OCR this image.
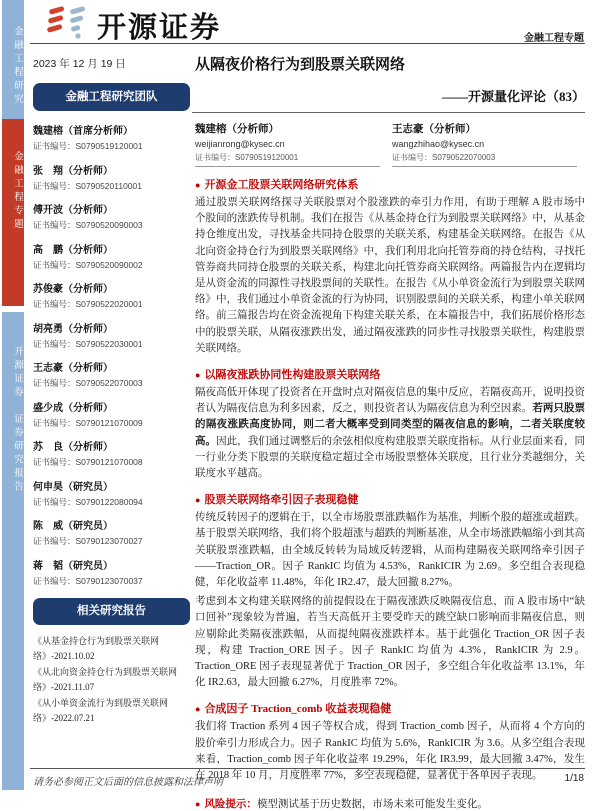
金融工程研究
金融工程专题
开源证券　证券研究报告
开源证券	金融工程专题
2023 年 12 月 19 日
金融工程研究团队
从隔夜价格行为到股票关联网络
——开源量化评论（83）
魏建榕（首席分析师）
证书编号：S0790519120001
张　翔（分析师）
证书编号：S0790520110001
傅开波（分析师）
证书编号：S0790520090003
高　鹏（分析师）
证书编号：S0790520090002
苏俊豪（分析师）
证书编号：S0790522020001
胡亮勇（分析师）
证书编号：S0790522030001
王志豪（分析师）
证书编号：S0790522070003
盛少成（分析师）
证书编号：S0790121070009
苏　良（分析师）
证书编号：S0790121070008
何申昊（研究员）
证书编号：S0790122080094
陈　威（研究员）
证书编号：S0790123070027
蒋　韬（研究员）
证书编号：S0790123070037
相关研究报告
《从基金持仓行为到股票关联网络》-2021.10.02
《从北向资金持仓行为到股票关联网络》-2021.11.07
《从小单资金流行为到股票关联网络》-2022.07.21
魏建榕（分析师）
weijianrong@kysec.cn
证书编号：S0790519120001
王志豪（分析师）
wangzhihao@kysec.cn
证书编号：S0790522070003
● 开源金工股票关联网络研究体系
通过股票关联网络探寻关联股票对个股涨跌的牵引力作用，有助于理解 A 股市场中个股间的涨跌传导机制。我们在报告《从基金持仓行为到股票关联网络》中，从基金持仓维度出发，寻找基金共同持仓股票的关联关系，构建基金关联网络。在报告《从北向资金持仓行为到股票关联网络》中，我们利用北向托管券商的持仓结构，寻找托管券商共同持仓股票的关联关系，构建北向托管券商关联网络。两篇报告内在逻辑均是从资金流的同源性寻找股票间的关联性。在报告《从小单资金流行为到股票关联网络》中，我们通过小单资金流的行为协同，识别股票间的关联关系，构建小单关联网络。前三篇报告均在资金流视角下构建关联关系，在本篇报告中，我们拓展价格形态中的股票关联，从隔夜涨跌出发，通过隔夜涨跌的同步性寻找股票关联性，构建股票关联网络。
● 以隔夜涨跌协同性构建股票关联网络
隔夜高低开体现了投资者在开盘时点对隔夜信息的集中反应，若隔夜高开，说明投资者认为隔夜信息为利多因素，反之，则投资者认为隔夜信息为利空因素。若两只股票的隔夜涨跌高度协同，则二者大概率受到同类型的隔夜信息的影响，二者关联度较高。因此，我们通过调整后的余弦相似度构建股票关联度指标。从行业层面来看，同一行业分类下股票的关联度稳定超过全市场股票整体关联度，且行业分类越细分，关联度水平越高。
● 股票关联网络牵引因子表现稳健
传统反转因子的逻辑在于，以全市场股票涨跌幅作为基准，判断个股的超涨或超跌。基于股票关联网络，我们将个股超涨与超跌的判断基准，从全市场涨跌幅缩小到其高关联股票涨跌幅，由全域反转转为局域反转逻辑，从而构建隔夜关联网络牵引因子——Traction_OR。因子 RankIC 均值为 4.53%，RankICIR 为 2.69。多空组合表现稳健，年化收益率 11.48%，年化 IR2.47，最大回撤 8.27%。
考虑到本文构建关联网络的前提假设在于隔夜涨跌反映隔夜信息，而 A 股市场中“缺口回补”现象较为普遍，若当天高低开主要受昨天的跳空缺口影响而非隔夜信息，则应剔除此类隔夜涨跌幅，从而提纯隔夜涨跌样本。基于此强化 Traction_OR 因子表现，构建 Traction_ORE 因子。因子 RankIC 均值为 4.3%，RankICIR 为 2.9。Traction_ORE 因子表现显著优于 Traction_OR 因子，多空组合年化收益率 13.1%，年化 IR2.63，最大回撤 6.27%，月度胜率 72%。
● 合成因子 Traction_comb 收益表现稳健
我们将 Traction 系列 4 因子等权合成，得到 Traction_comb 因子，从而将 4 个方向的股价牵引力形成合力。因子 RankIC 均值为 5.6%，RankICIR 为 3.6。从多空组合表现来看，Traction_comb 因子年化收益率 19.29%，年化 IR3.99，最大回撤 3.47%，发生在 2018 年 10 月，月度胜率 77%，多空表现稳健，显著优于各单因子表现。
● 风险提示：模型测试基于历史数据，市场未来可能发生变化。
请务必参阅正文后面的信息披露和法律声明	1/18
